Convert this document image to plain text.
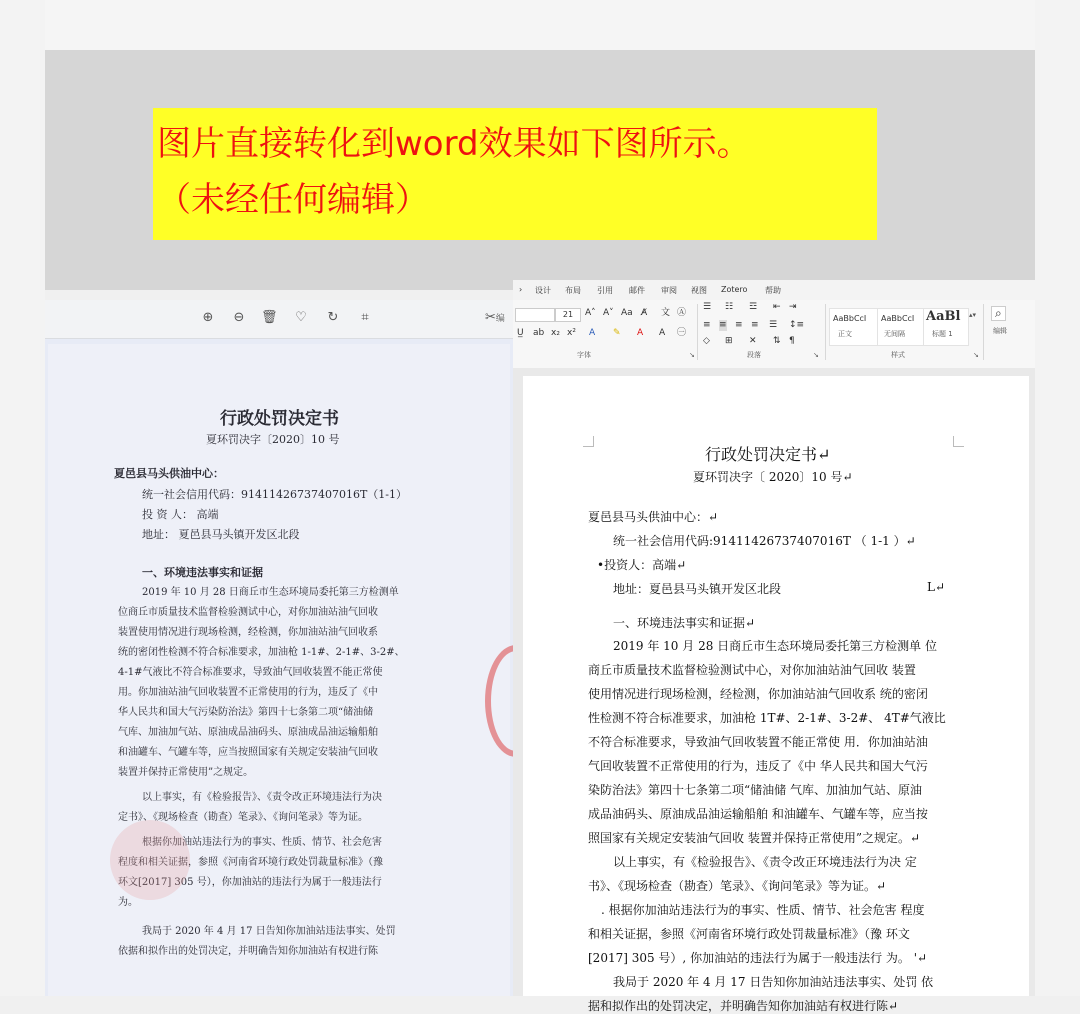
图片直接转化到word效果如下图所示。
（未经任何编辑）

⊕ ⊖ 🗑 ♡ ↻	⌗	✂编
行政处罚决定书
夏环罚决字〔2020〕10 号
夏邑县马头供油中心：
统一社会信用代码：91411426737407016T（1-1）
投 资 人： 高端
地址： 夏邑县马头镇开发区北段
一、环境违法事实和证据
2019 年 10 月 28 日商丘市生态环境局委托第三方检测单
位商丘市质量技术监督检验测试中心，对你加油站油气回收
装置使用情况进行现场检测，经检测，你加油站油气回收系
统的密闭性检测不符合标准要求，加油枪 1-1#、2-1#、3-2#、
4-1#气液比不符合标准要求，导致油气回收装置不能正常使
用。你加油站油气回收装置不正常使用的行为，违反了《中
华人民共和国大气污染防治法》第四十七条第二项“储油储
气库、加油加气站、原油成品油码头、原油成品油运输船舶
和油罐车、气罐车等，应当按照国家有关规定安装油气回收
装置并保持正常使用”之规定。
以上事实，有《检验报告》、《责令改正环境违法行为决
定书》、《现场检查（勘查）笔录》、《询问笔录》等为证。
根据你加油站违法行为的事实、性质、情节、社会危害
程度和相关证据，参照《河南省环境行政处罚裁量标准》（豫
环文[2017] 305 号），你加油站的违法行为属于一般违法行
为。
我局于 2020 年 4 月 17 日告知你加油站违法事实、处罚
依据和拟作出的处罚决定，并明确告知你加油站有权进行陈
› 设计 布局 引用 邮件 审阅 视图 Zotero 帮助
21	A˄ A˅ Aa A̸ 文 Ⓐ
U̲ ab x₂ x² A ✎ A A ㊀
字体	↘
☰ ☷ ☲ ⇤ ⇥
≡ ≡ ≡ ≡ ☰ ↕≡
◇ ⊞ ✕ ⇅ ¶
段落	↘
AaBbCcI
正文
AaBbCcI
无间隔
AaBl
标题 1
▴▾
样式	↘
⌕
编辑
行政处罚决定书↵
夏环罚决字〔 2020〕10 号↵
夏邑县马头供油中心：↵
统一社会信用代码:91411426737407016T （ 1-1 ）↵
•投资人：高端↵
地址：夏邑县马头镇开发区北段	L↵
一、环境违法事实和证据↵
2019 年 10 月 28 日商丘市生态环境局委托第三方检测单 位
商丘市质量技术监督检验测试中心，对你加油站油气回收 装置
使用情况进行现场检测，经检测，你加油站油气回收系 统的密闭
性检测不符合标准要求，加油枪 1T#、2-1#、3-2#、 4T#气液比
不符合标准要求，导致油气回收装置不能正常使 用．你加油站油
气回收装置不正常使用的行为，违反了《中 华人民共和国大气污
染防治法》第四十七条第二项“储油储 气库、加油加气站、原油
成品油码头、原油成品油运输船舶 和油罐车、气罐车等，应当按
照国家有关规定安装油气回收 装置并保持正常使用”之规定。↵
以上事实，有《检验报告》、《责令改正环境违法行为决 定
书》、《现场检查（勘查）笔录》、《询问笔录》等为证。↵
. 根据你加油站违法行为的事实、性质、情节、社会危害 程度
和相关证据，参照《河南省环境行政处罚裁量标准》（豫 环文
[2017] 305 号）, 你加油站的违法行为属于一般违法行 为。 '↵
我局于 2020 年 4 月 17 日告知你加油站违法事实、处罚 依
据和拟作出的处罚决定，并明确告知你加油站有权进行陈↵
